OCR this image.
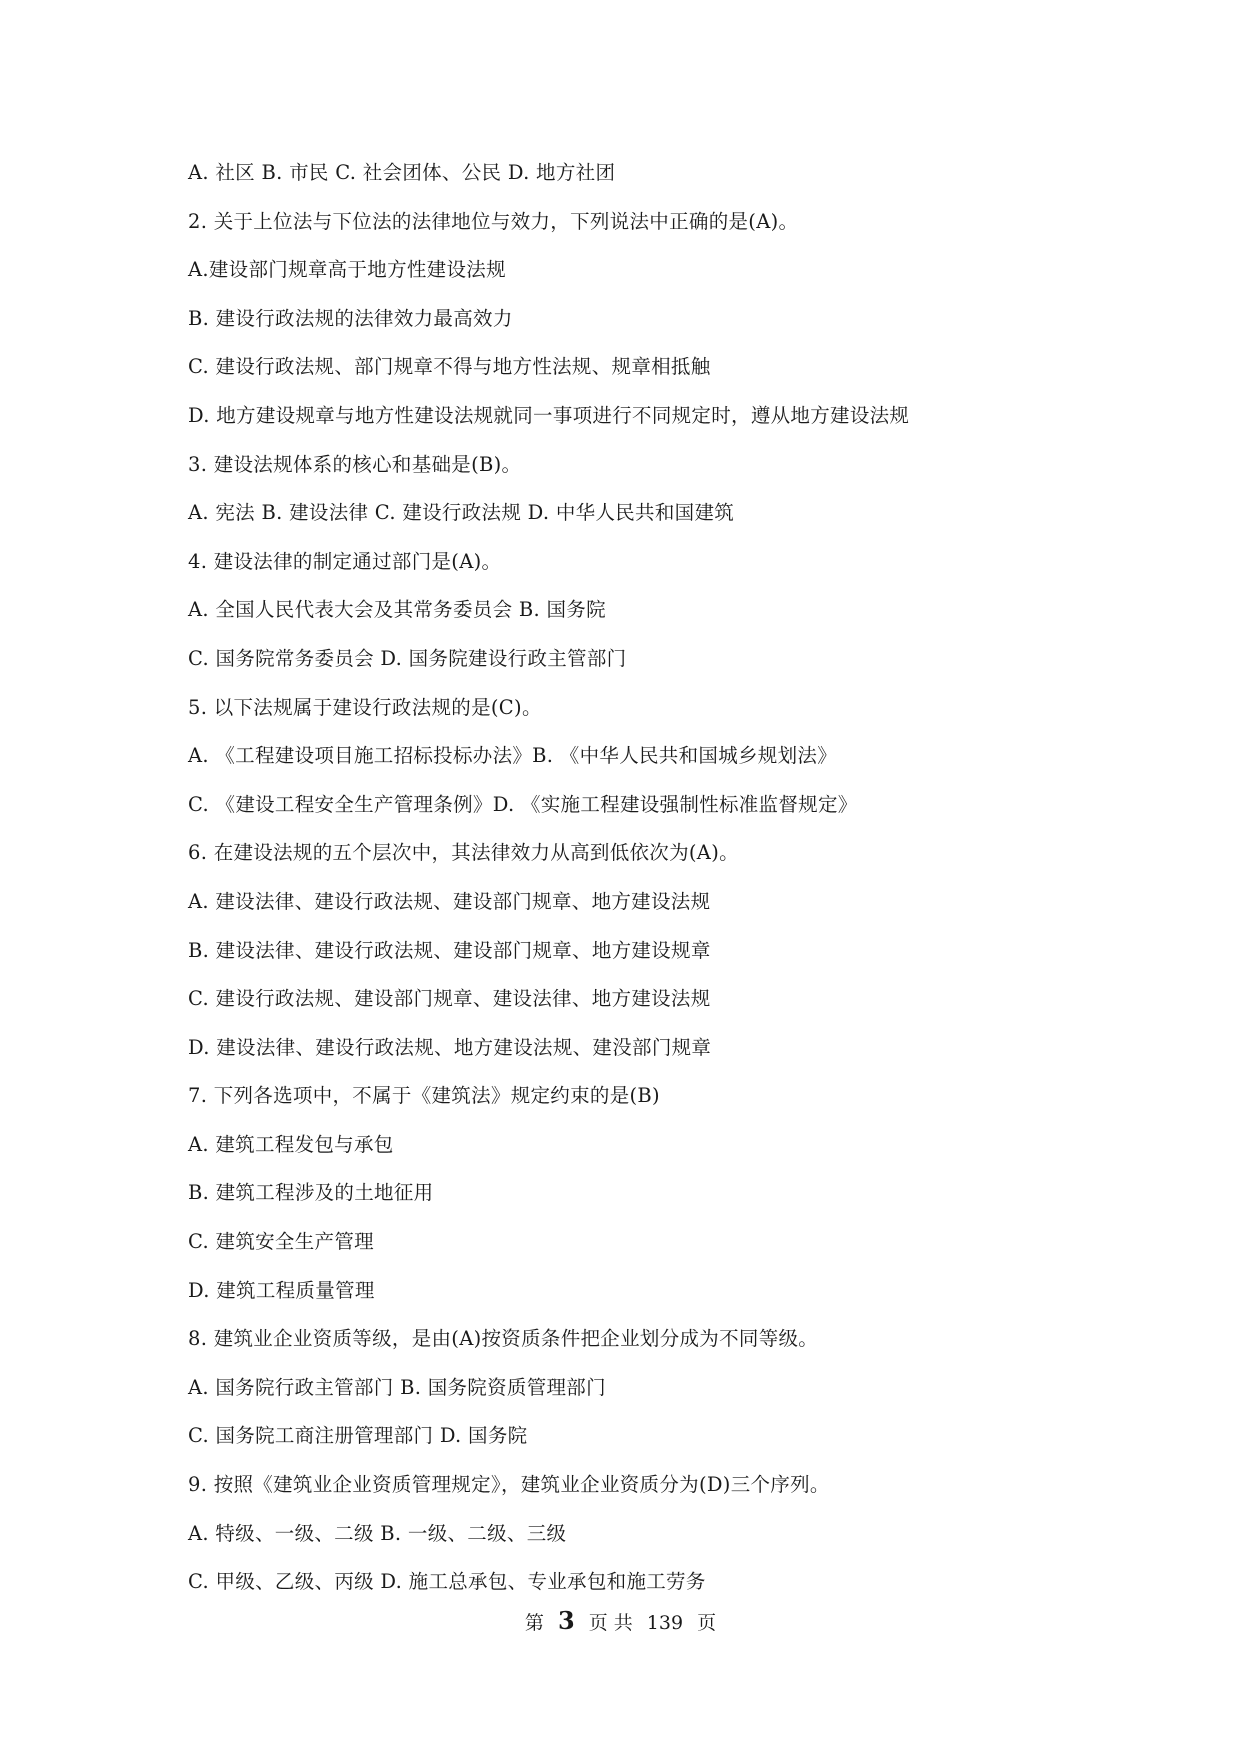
A. 社区 B. 市民 C. 社会团体、公民 D. 地方社团
2. 关于上位法与下位法的法律地位与效力，下列说法中正确的是(A)。
A.建设部门规章高于地方性建设法规
B. 建设行政法规的法律效力最高效力
C. 建设行政法规、部门规章不得与地方性法规、规章相抵触
D. 地方建设规章与地方性建设法规就同一事项进行不同规定时，遵从地方建设法规
3. 建设法规体系的核心和基础是(B)。
A. 宪法 B. 建设法律 C. 建设行政法规 D. 中华人民共和国建筑
4. 建设法律的制定通过部门是(A)。
A. 全国人民代表大会及其常务委员会 B. 国务院
C. 国务院常务委员会 D. 国务院建设行政主管部门
5. 以下法规属于建设行政法规的是(C)。
A. 《工程建设项目施工招标投标办法》B. 《中华人民共和国城乡规划法》
C. 《建设工程安全生产管理条例》D. 《实施工程建设强制性标准监督规定》
6. 在建设法规的五个层次中，其法律效力从高到低依次为(A)。
A. 建设法律、建设行政法规、建设部门规章、地方建设法规
B. 建设法律、建设行政法规、建设部门规章、地方建设规章
C. 建设行政法规、建设部门规章、建设法律、地方建设法规
D. 建设法律、建设行政法规、地方建设法规、建没部门规章
7. 下列各选项中，不属于《建筑法》规定约束的是(B)
A. 建筑工程发包与承包
B. 建筑工程涉及的土地征用
C. 建筑安全生产管理
D. 建筑工程质量管理
8. 建筑业企业资质等级，是由(A)按资质条件把企业划分成为不同等级。
A. 国务院行政主管部门 B. 国务院资质管理部门
C. 国务院工商注册管理部门 D. 国务院
9. 按照《建筑业企业资质管理规定》，建筑业企业资质分为(D)三个序列。
A. 特级、一级、二级 B. 一级、二级、三级
C. 甲级、乙级、丙级 D. 施工总承包、专业承包和施工劳务
第 3 页 共 139 页
